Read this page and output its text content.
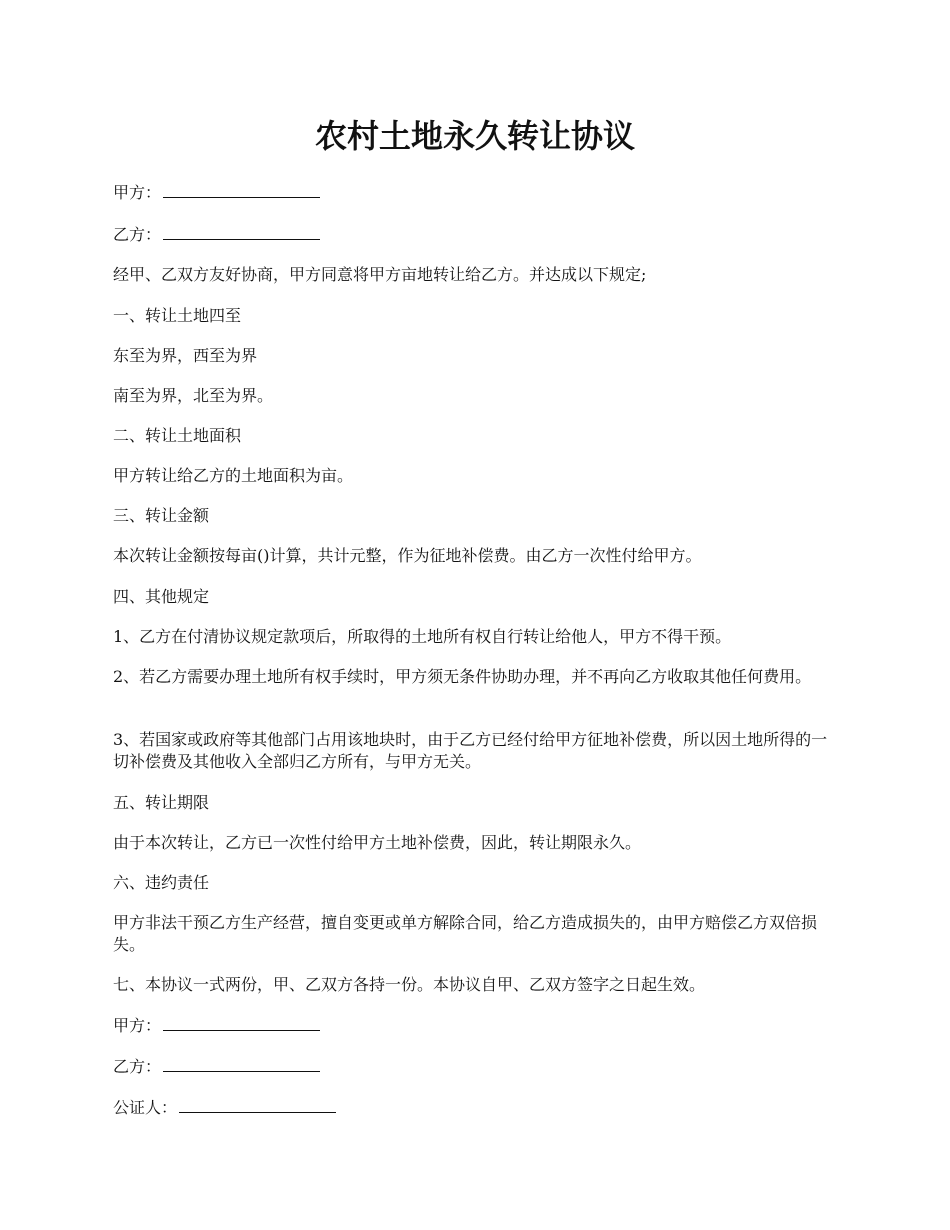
农村土地永久转让协议

甲方：

乙方：

经甲、乙双方友好协商，甲方同意将甲方亩地转让给乙方。并达成以下规定;

一、转让土地四至

东至为界，西至为界

南至为界，北至为界。

二、转让土地面积

甲方转让给乙方的土地面积为亩。

三、转让金额

本次转让金额按每亩()计算，共计元整，作为征地补偿费。由乙方一次性付给甲方。

四、其他规定

1、乙方在付清协议规定款项后，所取得的土地所有权自行转让给他人，甲方不得干预。

2、若乙方需要办理土地所有权手续时，甲方须无条件协助办理，并不再向乙方收取其他任何费用。

3、若国家或政府等其他部门占用该地块时，由于乙方已经付给甲方征地补偿费，所以因土地所得的一切补偿费及其他收入全部归乙方所有，与甲方无关。

五、转让期限

由于本次转让，乙方已一次性付给甲方土地补偿费，因此，转让期限永久。

六、违约责任

甲方非法干预乙方生产经营，擅自变更或单方解除合同，给乙方造成损失的，由甲方赔偿乙方双倍损失。

七、本协议一式两份，甲、乙双方各持一份。本协议自甲、乙双方签字之日起生效。

甲方：

乙方：

公证人：
